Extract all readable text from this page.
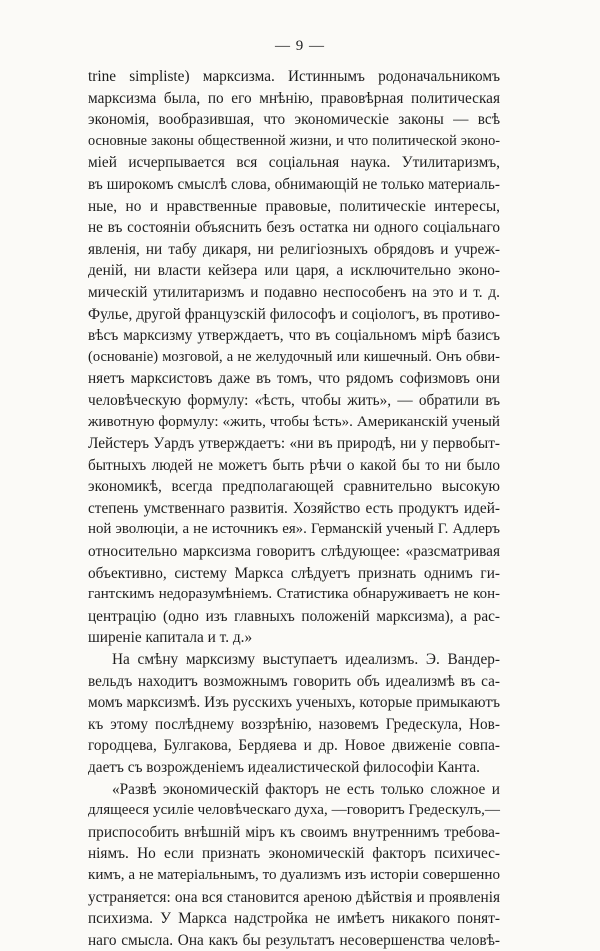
— 9 —
trine simpliste) марксизма. Истиннымъ родоначальникомъ
марксизма была, по его мнѣнію, правовѣрная политическая
экономія, вообразившая, что экономическіе законы — всѣ
основные законы общественной жизни, и что политической эконо-
міей исчерпывается вся соціальная наука. Утилитаризмъ,
въ широкомъ смыслѣ слова, обнимающій не только материаль-
ные, но и нравственные правовые, политическіе интересы,
не въ состояніи объяснить безъ остатка ни одного соціальнаго
явленія, ни табу дикаря, ни религіозныхъ обрядовъ и учреж-
деній, ни власти кейзера или царя, а исключительно эконо-
мическій утилитаризмъ и подавно неспособенъ на это и т. д.
Фулье, другой французскій философъ и соціологъ, въ противо-
вѣсъ марксизму утверждаетъ, что въ соціальномъ мірѣ базисъ
(основаніе) мозговой, а не желудочный или кишечный. Онъ обви-
няетъ марксистовъ даже въ томъ, что рядомъ софизмовъ они
человѣческую формулу: «ѣсть, чтобы жить», — обратили въ
животную формулу: «жить, чтобы ѣсть». Американскій ученый
Лейстеръ Уардъ утверждаетъ: «ни въ природѣ, ни у первобыт-
бытныхъ людей не можетъ быть рѣчи о какой бы то ни было
экономикѣ, всегда предполагающей сравнительно высокую
степень умственнаго развитія. Хозяйство есть продуктъ идей-
ной эволюціи, а не источникъ ея». Германскій ученый Г. Адлеръ
относительно марксизма говоритъ слѣдующее: «разсматривая
объективно, систему Маркса слѣдуетъ признать однимъ ги-
гантскимъ недоразумѣніемъ. Статистика обнаруживаетъ не кон-
центрацію (одно изъ главныхъ положеній марксизма), а рас-
ширеніе капитала и т. д.»
На смѣну марксизму выступаетъ идеализмъ. Э. Вандер-
вельдъ находитъ возможнымъ говорить объ идеализмѣ въ са-
момъ марксизмѣ. Изъ русскихъ ученыхъ, которые примыкаютъ
къ этому послѣднему воззрѣнію, назовемъ Гредескула, Нов-
городцева, Булгакова, Бердяева и др. Новое движеніе совпа-
даетъ съ возрожденіемъ идеалистической философіи Канта.
«Развѣ экономическій факторъ не есть только сложное и
длящееся усиліе человѣческаго духа, —говоритъ Гредескулъ,—
приспособить внѣшній міръ къ своимъ внутреннимъ требова-
ніямъ. Но если признать экономическій факторъ психичес-
кимъ, а не матеріальнымъ, то дуализмъ изъ исторіи совершенно
устраняется: она вся становится ареною дѣйствія и проявленія
психизма. У Маркса надстройка не имѣетъ никакого понят-
наго смысла. Она какъ бы результатъ несовершенства человѣ-
